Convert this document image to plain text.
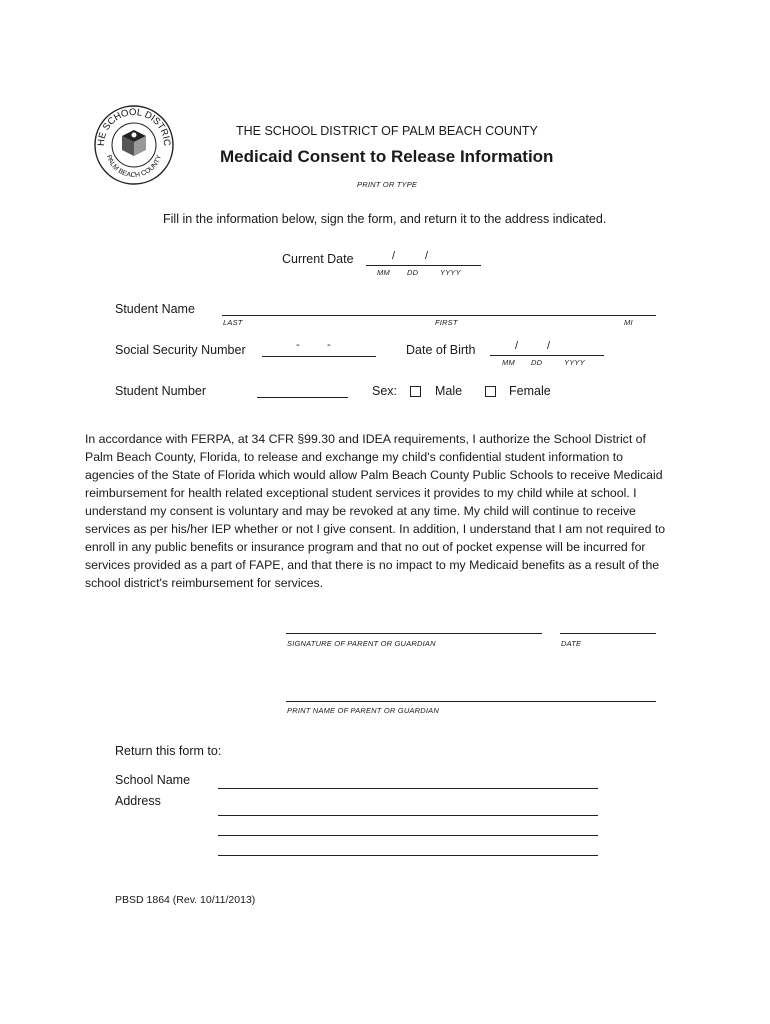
HE SCHOOL DISTRIC
PALM BEACH COUNTY
THE SCHOOL DISTRICT OF PALM BEACH COUNTY
Medicaid Consent to Release Information
PRINT OR TYPE
Fill in the information below, sign the form, and return it to the address indicated.
Current Date	/	/
MM DD	YYYY
Student Name
LAST	FIRST	MI
Social Security Number	- -	Date of Birth	/	/
MM DD	YYYY
Student Number	Sex:	Male	Female
In accordance with FERPA, at 34 CFR §99.30 and IDEA requirements, I authorize the School District of
Palm Beach County, Florida, to release and exchange my child's confidential student information to
agencies of the State of Florida which would allow Palm Beach County Public Schools to receive Medicaid
reimbursement for health related exceptional student services it provides to my child while at school. I
understand my consent is voluntary and may be revoked at any time. My child will continue to receive
services as per his/her IEP whether or not I give consent. In addition, I understand that I am not required to
enroll in any public benefits or insurance program and that no out of pocket expense will be incurred for
services provided as a part of FAPE, and that there is no impact to my Medicaid benefits as a result of the
school district's reimbursement for services.
SIGNATURE OF PARENT OR GUARDIAN	DATE
PRINT NAME OF PARENT OR GUARDIAN
Return this form to:
School Name
Address
PBSD 1864 (Rev. 10/11/2013)
